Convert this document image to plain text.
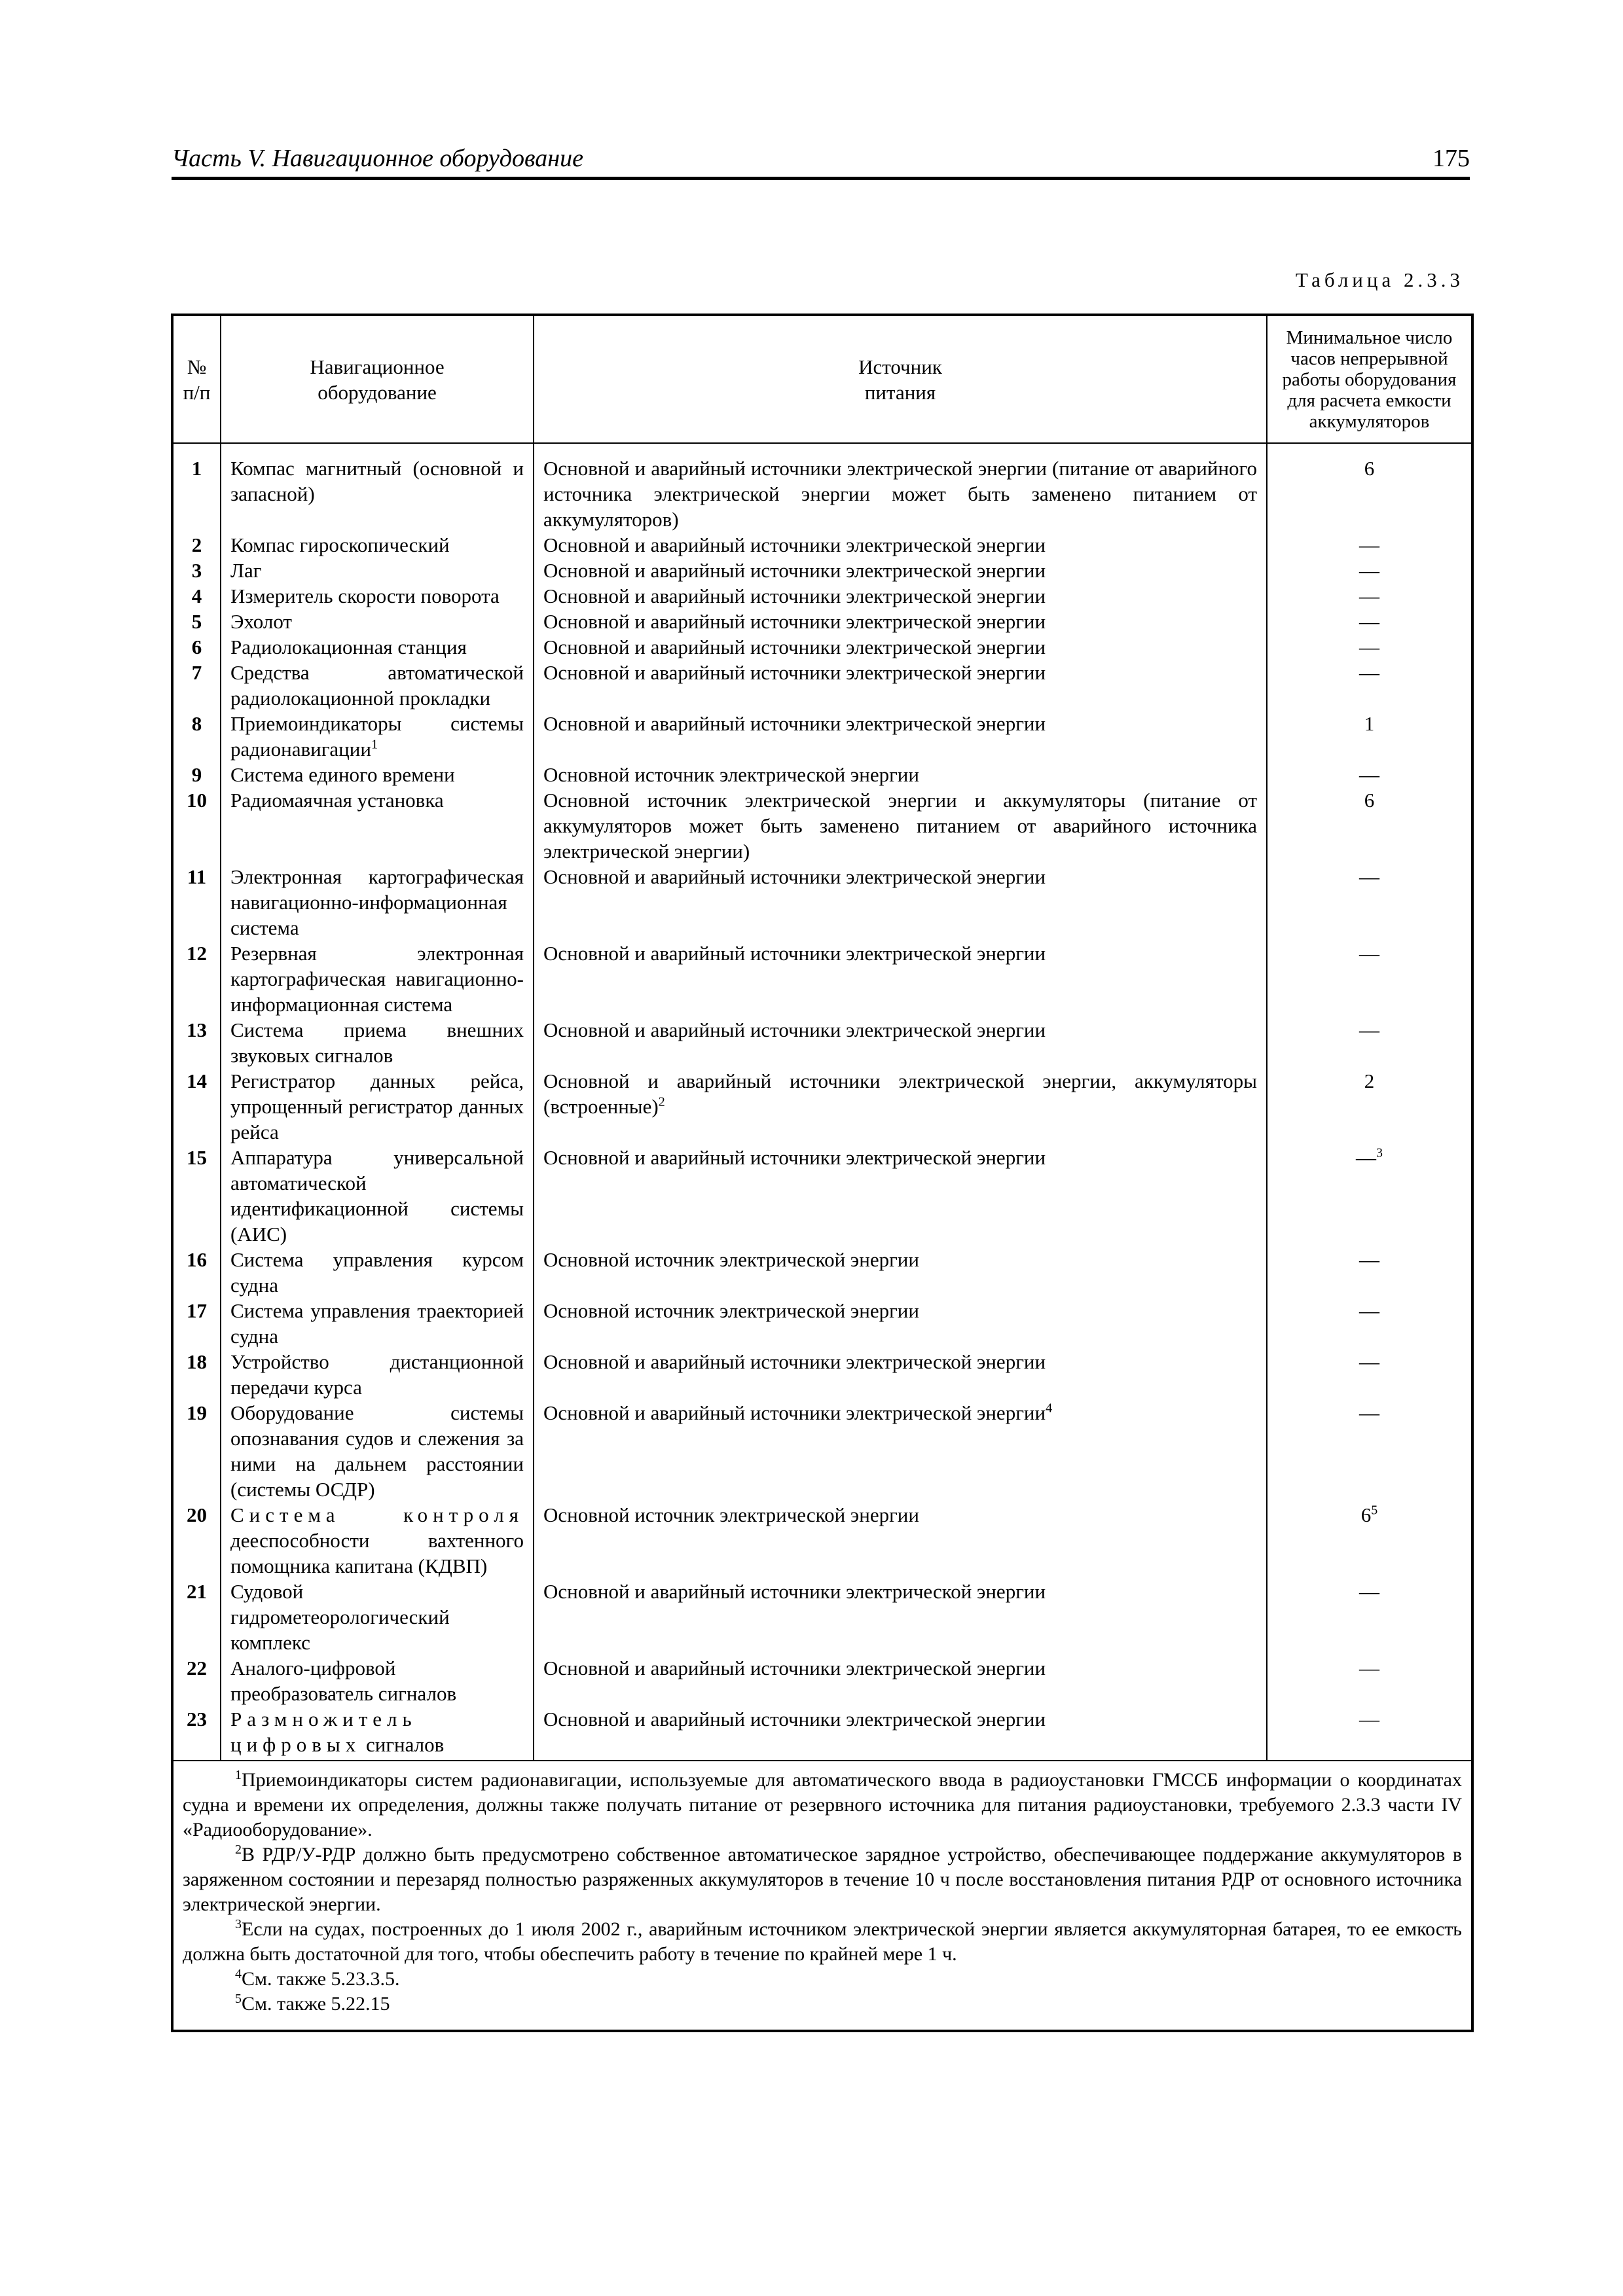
Часть V. Навигационное оборудование	175
Таблица 2.3.3
№ п/п	Навигационное оборудование	Источник питания	Минимальное число часов непрерывной работы оборудования для расчета емкости аккумуляторов
1	Компас магнитный (основной и запасной)	Основной и аварийный источники электрической энергии (питание от аварийного источника электрической энергии может быть заменено питанием от аккумуляторов)	6
2	Компас гироскопический	Основной и аварийный источники электрической энергии	—
3	Лаг	Основной и аварийный источники электрической энергии	—
4	Измеритель скорости поворота	Основной и аварийный источники электрической энергии	—
5	Эхолот	Основной и аварийный источники электрической энергии	—
6	Радиолокационная станция	Основной и аварийный источники электрической энергии	—
7	Средства автоматической радиолокационной прокладки	Основной и аварийный источники электрической энергии	—
8	Приемоиндикаторы системы радионавигации$^1$	Основной и аварийный источники электрической энергии	1
9	Система единого времени	Основной источник электрической энергии	—
10	Радиомаячная установка	Основной источник электрической энергии и аккумуляторы (питание от аккумуляторов может быть заменено питанием от аварийного источника электрической энергии)	6
11	Электронная картографическая навигационно-информационная система	Основной и аварийный источники электрической энергии	—
12	Резервная электронная картографическая навигационно-информационная система	Основной и аварийный источники электрической энергии	—
13	Система приема внешних звуковых сигналов	Основной и аварийный источники электрической энергии	—
14	Регистратор данных рейса, упрощенный регистратор данных рейса	Основной и аварийный источники электрической энергии, аккумуляторы (встроенные)$^2$	2
15	Аппаратура универсальной автоматической идентификационной системы (АИС)	Основной и аварийный источники электрической энергии	—$^3$
16	Система управления курсом судна	Основной источник электрической энергии	—
17	Система управления траекторией судна	Основной источник электрической энергии	—
18	Устройство дистанционной передачи курса	Основной и аварийный источники электрической энергии	—
19	Оборудование системы опознавания судов и слежения за ними на дальнем расстоянии (системы ОСДР)	Основной и аварийный источники электрической энергии$^4$	—
20	Система контроля дееспособности вахтенного помощника капитана (КДВП)	Основной источник электрической энергии	$6^5$
21	Судовой гидрометеорологический комплекс	Основной и аварийный источники электрической энергии	—
22	Аналого-цифровой преобразователь сигналов	Основной и аварийный источники электрической энергии	—
23	Размножитель цифровых сигналов	Основной и аварийный источники электрической энергии	—

$^1$Приемоиндикаторы систем радионавигации, используемые для автоматического ввода в радиоустановки ГМССБ информации о координатах судна и времени их определения, должны также получать питание от резервного источника для питания радиоустановки, требуемого 2.3.3 части IV «Радиооборудование».

$^2$В РДР/У-РДР должно быть предусмотрено собственное автоматическое зарядное устройство, обеспечивающее поддержание аккумуляторов в заряженном состоянии и перезаряд полностью разряженных аккумуляторов в течение 10 ч после восстановления питания РДР от основного источника электрической энергии.

$^3$Если на судах, построенных до 1 июля 2002 г., аварийным источником электрической энергии является аккумуляторная батарея, то ее емкость должна быть достаточной для того, чтобы обеспечить работу в течение по крайней мере 1 ч.

$^4$См. также 5.23.3.5.

$^5$См. также 5.22.15			
